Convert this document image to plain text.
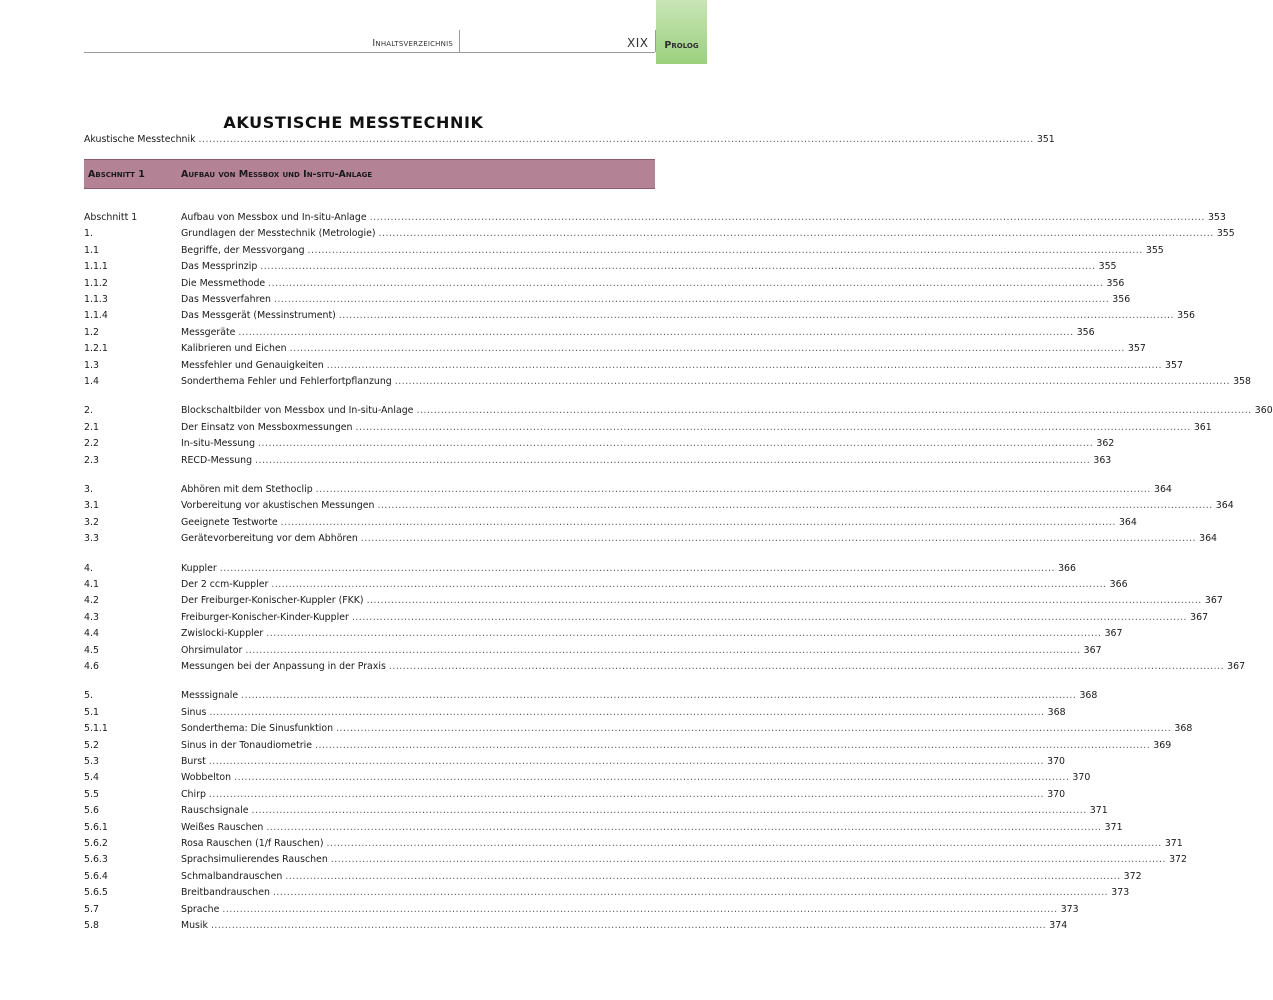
Inhaltsverzeichnis	XIX	Prolog
AKUSTISCHE MESSTECHNIK
Akustische Messtechnik ................................................................................................................................................................................................................................................ 351
Abschnitt 1	Aufbau von Messbox und In-situ-Anlage
Abschnitt 1	Aufbau von Messbox und In-situ-Anlage ................................................................................................................................................................................................................................................ 353
1.	Grundlagen der Messtechnik (Metrologie) ................................................................................................................................................................................................................................................ 355
1.1	Begriffe, der Messvorgang ................................................................................................................................................................................................................................................ 355
1.1.1	Das Messprinzip ................................................................................................................................................................................................................................................ 355
1.1.2	Die Messmethode ................................................................................................................................................................................................................................................ 356
1.1.3	Das Messverfahren ................................................................................................................................................................................................................................................ 356
1.1.4	Das Messgerät (Messinstrument) ................................................................................................................................................................................................................................................ 356
1.2	Messgeräte ................................................................................................................................................................................................................................................ 356
1.2.1	Kalibrieren und Eichen ................................................................................................................................................................................................................................................ 357
1.3	Messfehler und Genauigkeiten ................................................................................................................................................................................................................................................ 357
1.4	Sonderthema Fehler und Fehlerfortpflanzung ................................................................................................................................................................................................................................................ 358
2.	Blockschaltbilder von Messbox und In-situ-Anlage ................................................................................................................................................................................................................................................ 360
2.1	Der Einsatz von Messboxmessungen ................................................................................................................................................................................................................................................ 361
2.2	In-situ-Messung ................................................................................................................................................................................................................................................ 362
2.3	RECD-Messung ................................................................................................................................................................................................................................................ 363
3.	Abhören mit dem Stethoclip ................................................................................................................................................................................................................................................ 364
3.1	Vorbereitung vor akustischen Messungen ................................................................................................................................................................................................................................................ 364
3.2	Geeignete Testworte ................................................................................................................................................................................................................................................ 364
3.3	Gerätevorbereitung vor dem Abhören ................................................................................................................................................................................................................................................ 364
4.	Kuppler ................................................................................................................................................................................................................................................ 366
4.1	Der 2 ccm-Kuppler ................................................................................................................................................................................................................................................ 366
4.2	Der Freiburger-Konischer-Kuppler (FKK) ................................................................................................................................................................................................................................................ 367
4.3	Freiburger-Konischer-Kinder-Kuppler ................................................................................................................................................................................................................................................ 367
4.4	Zwislocki-Kuppler ................................................................................................................................................................................................................................................ 367
4.5	Ohrsimulator ................................................................................................................................................................................................................................................ 367
4.6	Messungen bei der Anpassung in der Praxis ................................................................................................................................................................................................................................................ 367
5.	Messsignale ................................................................................................................................................................................................................................................ 368
5.1	Sinus ................................................................................................................................................................................................................................................ 368
5.1.1	Sonderthema: Die Sinusfunktion ................................................................................................................................................................................................................................................ 368
5.2	Sinus in der Tonaudiometrie ................................................................................................................................................................................................................................................ 369
5.3	Burst ................................................................................................................................................................................................................................................ 370
5.4	Wobbelton ................................................................................................................................................................................................................................................ 370
5.5	Chirp ................................................................................................................................................................................................................................................ 370
5.6	Rauschsignale ................................................................................................................................................................................................................................................ 371
5.6.1	Weißes Rauschen ................................................................................................................................................................................................................................................ 371
5.6.2	Rosa Rauschen (1/f Rauschen) ................................................................................................................................................................................................................................................ 371
5.6.3	Sprachsimulierendes Rauschen ................................................................................................................................................................................................................................................ 372
5.6.4	Schmalbandrauschen ................................................................................................................................................................................................................................................ 372
5.6.5	Breitbandrauschen ................................................................................................................................................................................................................................................ 373
5.7	Sprache ................................................................................................................................................................................................................................................ 373
5.8	Musik ................................................................................................................................................................................................................................................ 374
